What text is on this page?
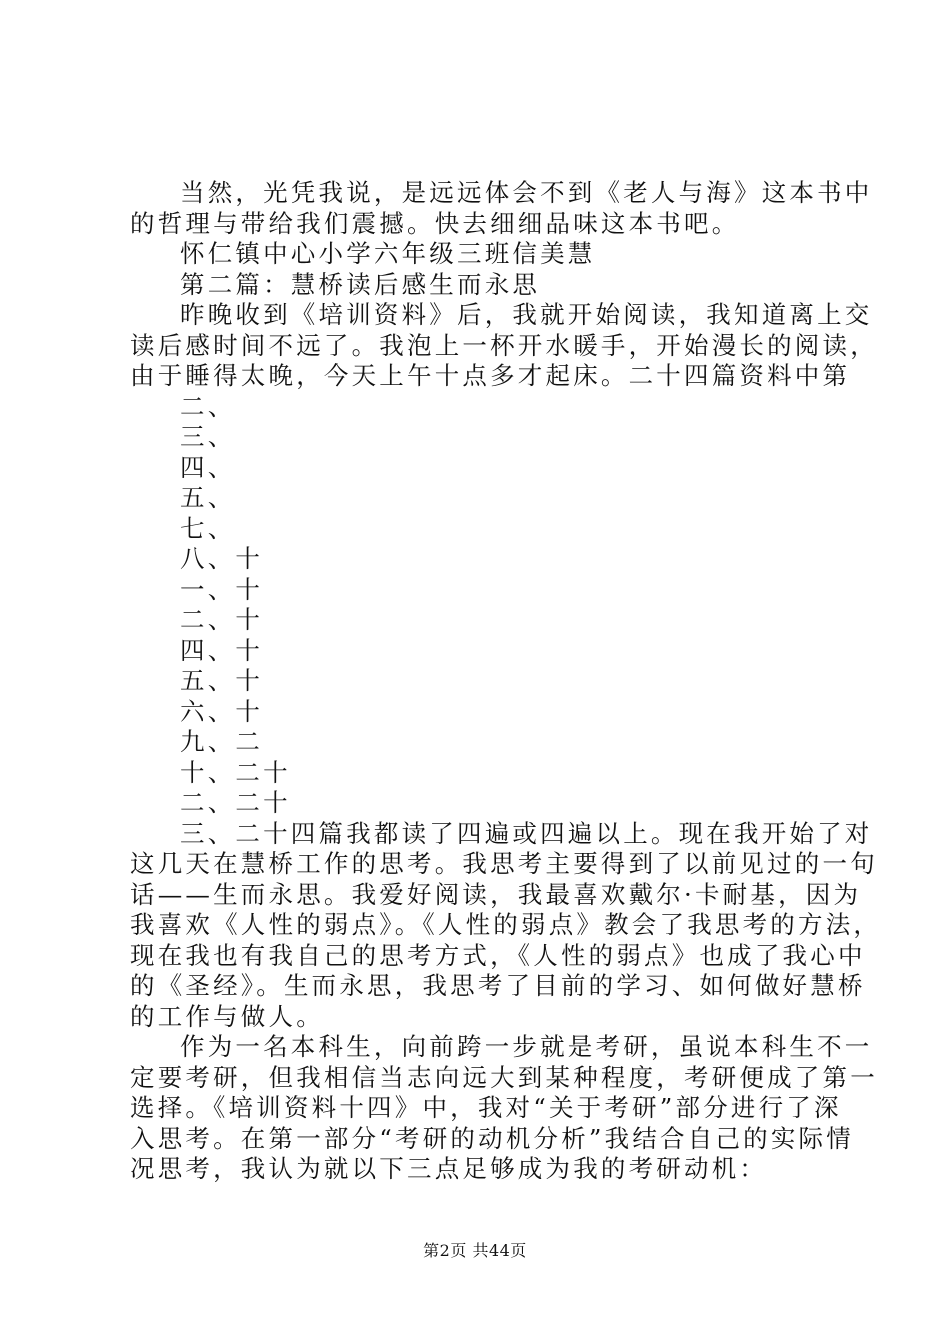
当然，光凭我说，是远远体会不到《老人与海》这本书中
的哲理与带给我们震撼。快去细细品味这本书吧。
怀仁镇中心小学六年级三班信美慧
第二篇：慧桥读后感生而永思
昨晚收到《培训资料》后，我就开始阅读，我知道离上交
读后感时间不远了。我泡上一杯开水暖手，开始漫长的阅读，
由于睡得太晚，今天上午十点多才起床。二十四篇资料中第
二、
三、
四、
五、
七、
八、十
一、十
二、十
四、十
五、十
六、十
九、二
十、二十
二、二十
三、二十四篇我都读了四遍或四遍以上。现在我开始了对
这几天在慧桥工作的思考。我思考主要得到了以前见过的一句
话——生而永思。我爱好阅读，我最喜欢戴尔·卡耐基，因为
我喜欢《人性的弱点》。《人性的弱点》教会了我思考的方法，
现在我也有我自己的思考方式，《人性的弱点》也成了我心中
的《圣经》。生而永思，我思考了目前的学习、如何做好慧桥
的工作与做人。
作为一名本科生，向前跨一步就是考研，虽说本科生不一
定要考研，但我相信当志向远大到某种程度，考研便成了第一
选择。《培训资料十四》中，我对“关于考研”部分进行了深
入思考。在第一部分“考研的动机分析”我结合自己的实际情
况思考，我认为就以下三点足够成为我的考研动机：
第2页 共44页
